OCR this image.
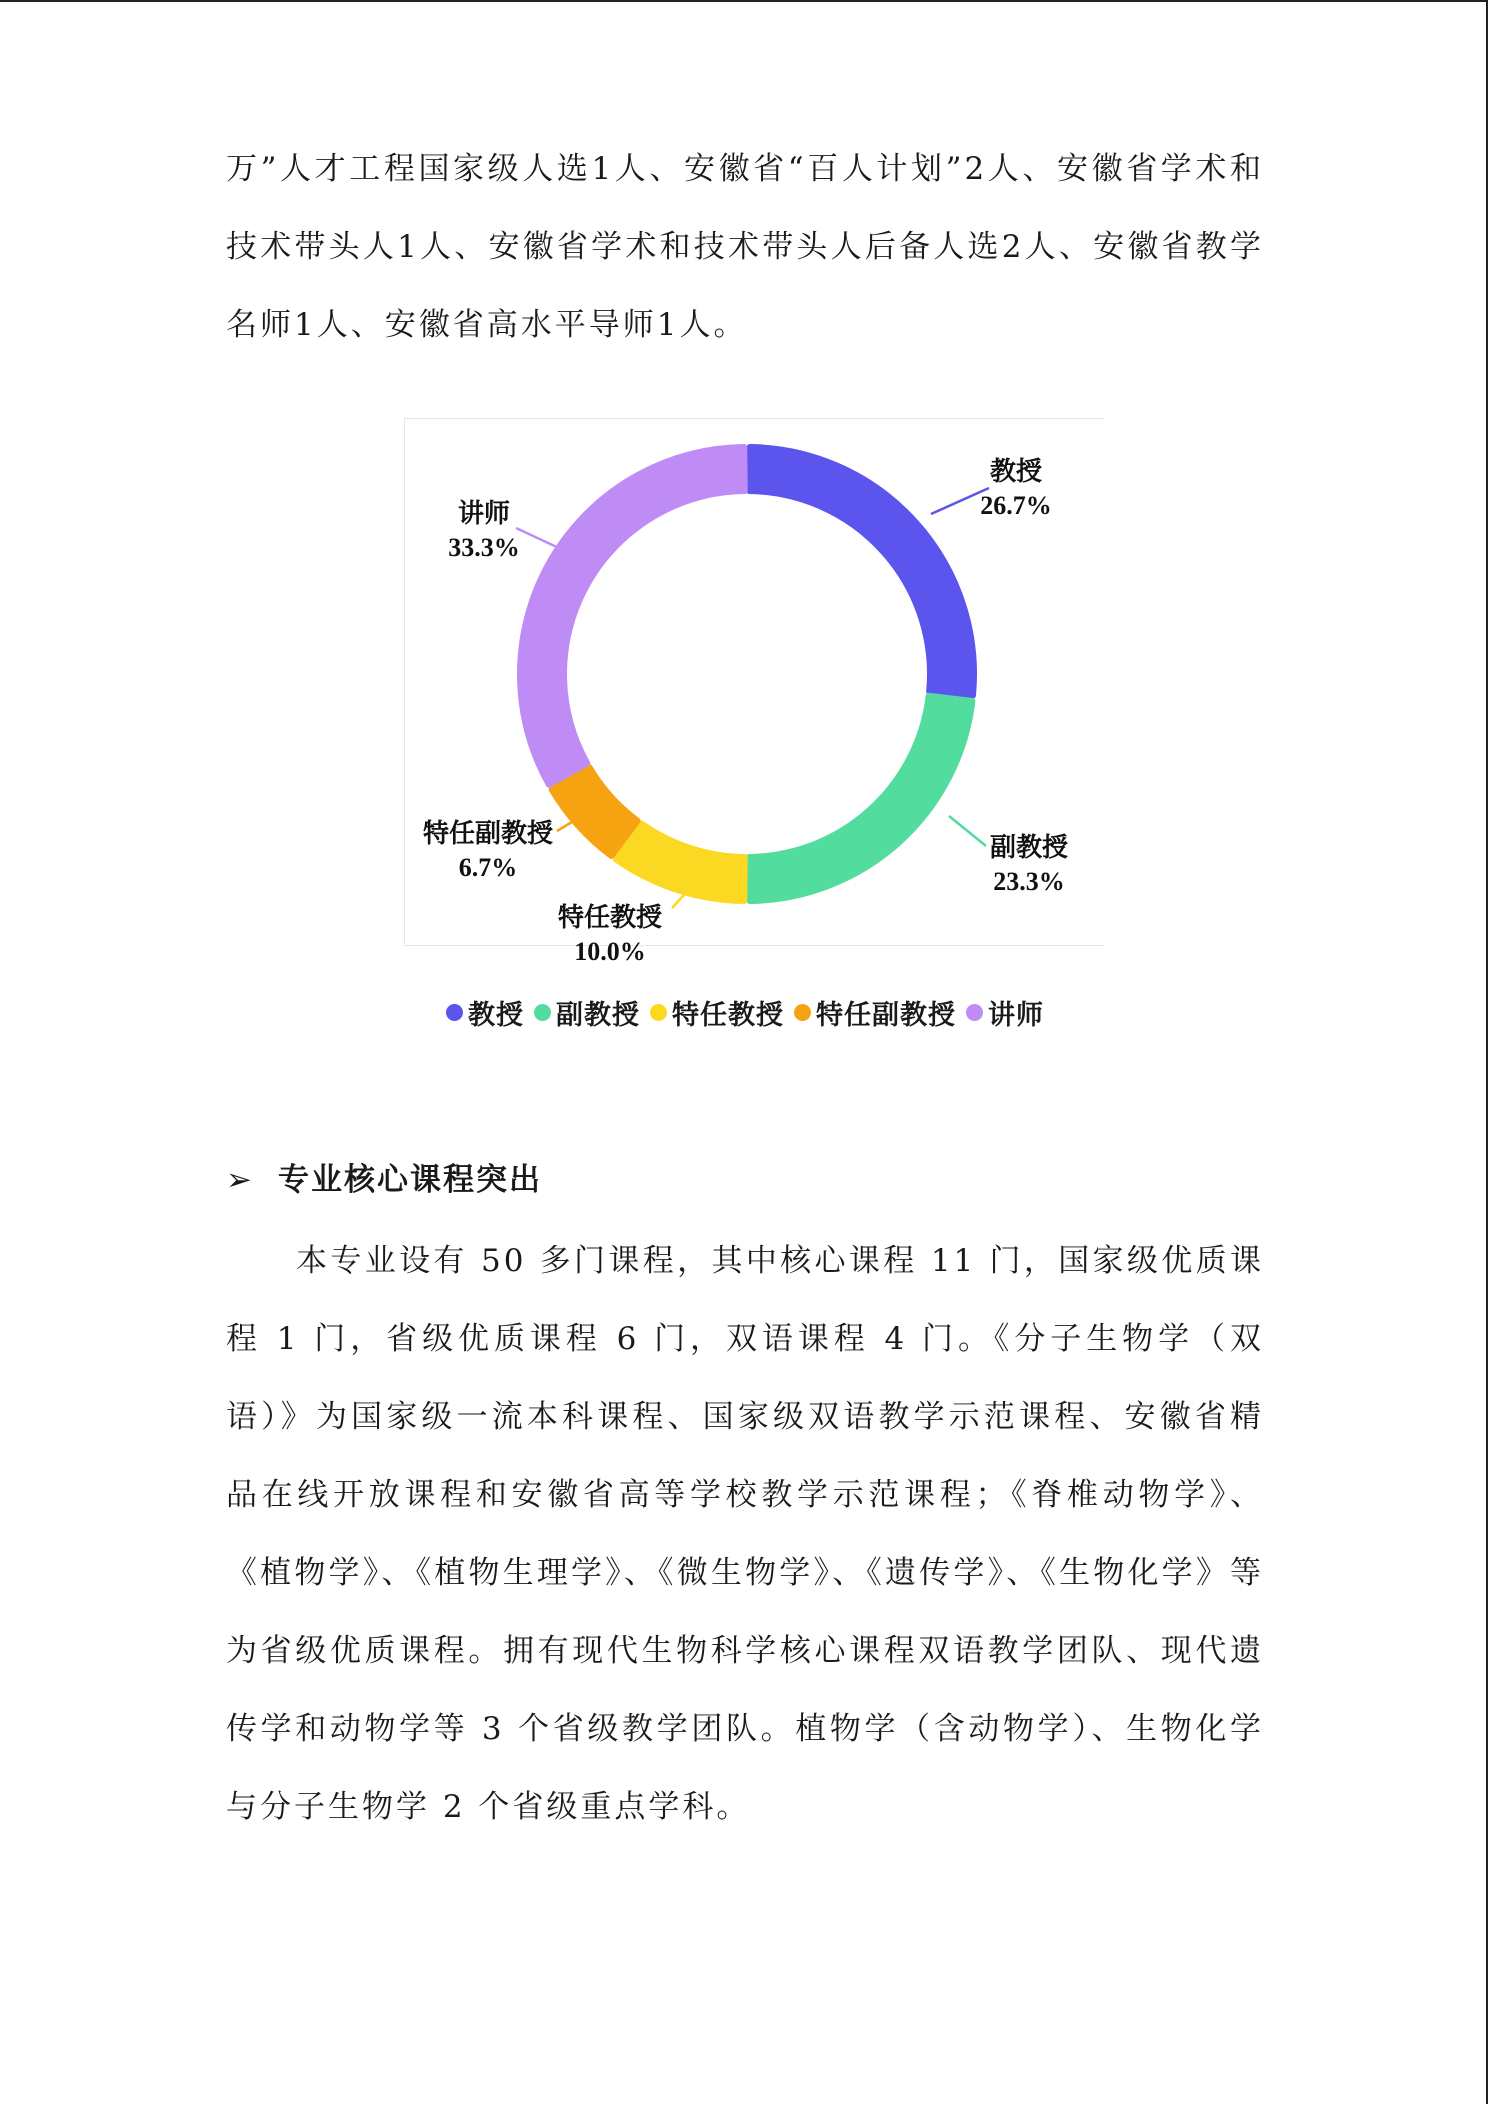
万”人才工程国家级人选1人、安徽省“百人计划”2人、安徽省学术和技术带头人1人、安徽省学术和技术带头人后备人选2人、安徽省教学名师1人、安徽省高水平导师1人。

教授
26.7%
副教授
23.3%
特任教授
10.0%
特任副教授
6.7%
讲师
33.3%
教授 副教授 特任教授 特任副教授 讲师
➢ 专业核心课程突出

本专业设有 50 多门课程，其中核心课程 11 门，国家级优质课程 1 门，省级优质课程 6 门，双语课程 4 门。《分子生物学（双语）》为国家级一流本科课程、国家级双语教学示范课程、安徽省精品在线开放课程和安徽省高等学校教学示范课程；《脊椎动物学》、《植物学》、《植物生理学》、《微生物学》、《遗传学》、《生物化学》等为省级优质课程。拥有现代生物科学核心课程双语教学团队、现代遗传学和动物学等 3 个省级教学团队。植物学（含动物学）、生物化学与分子生物学 2 个省级重点学科。
